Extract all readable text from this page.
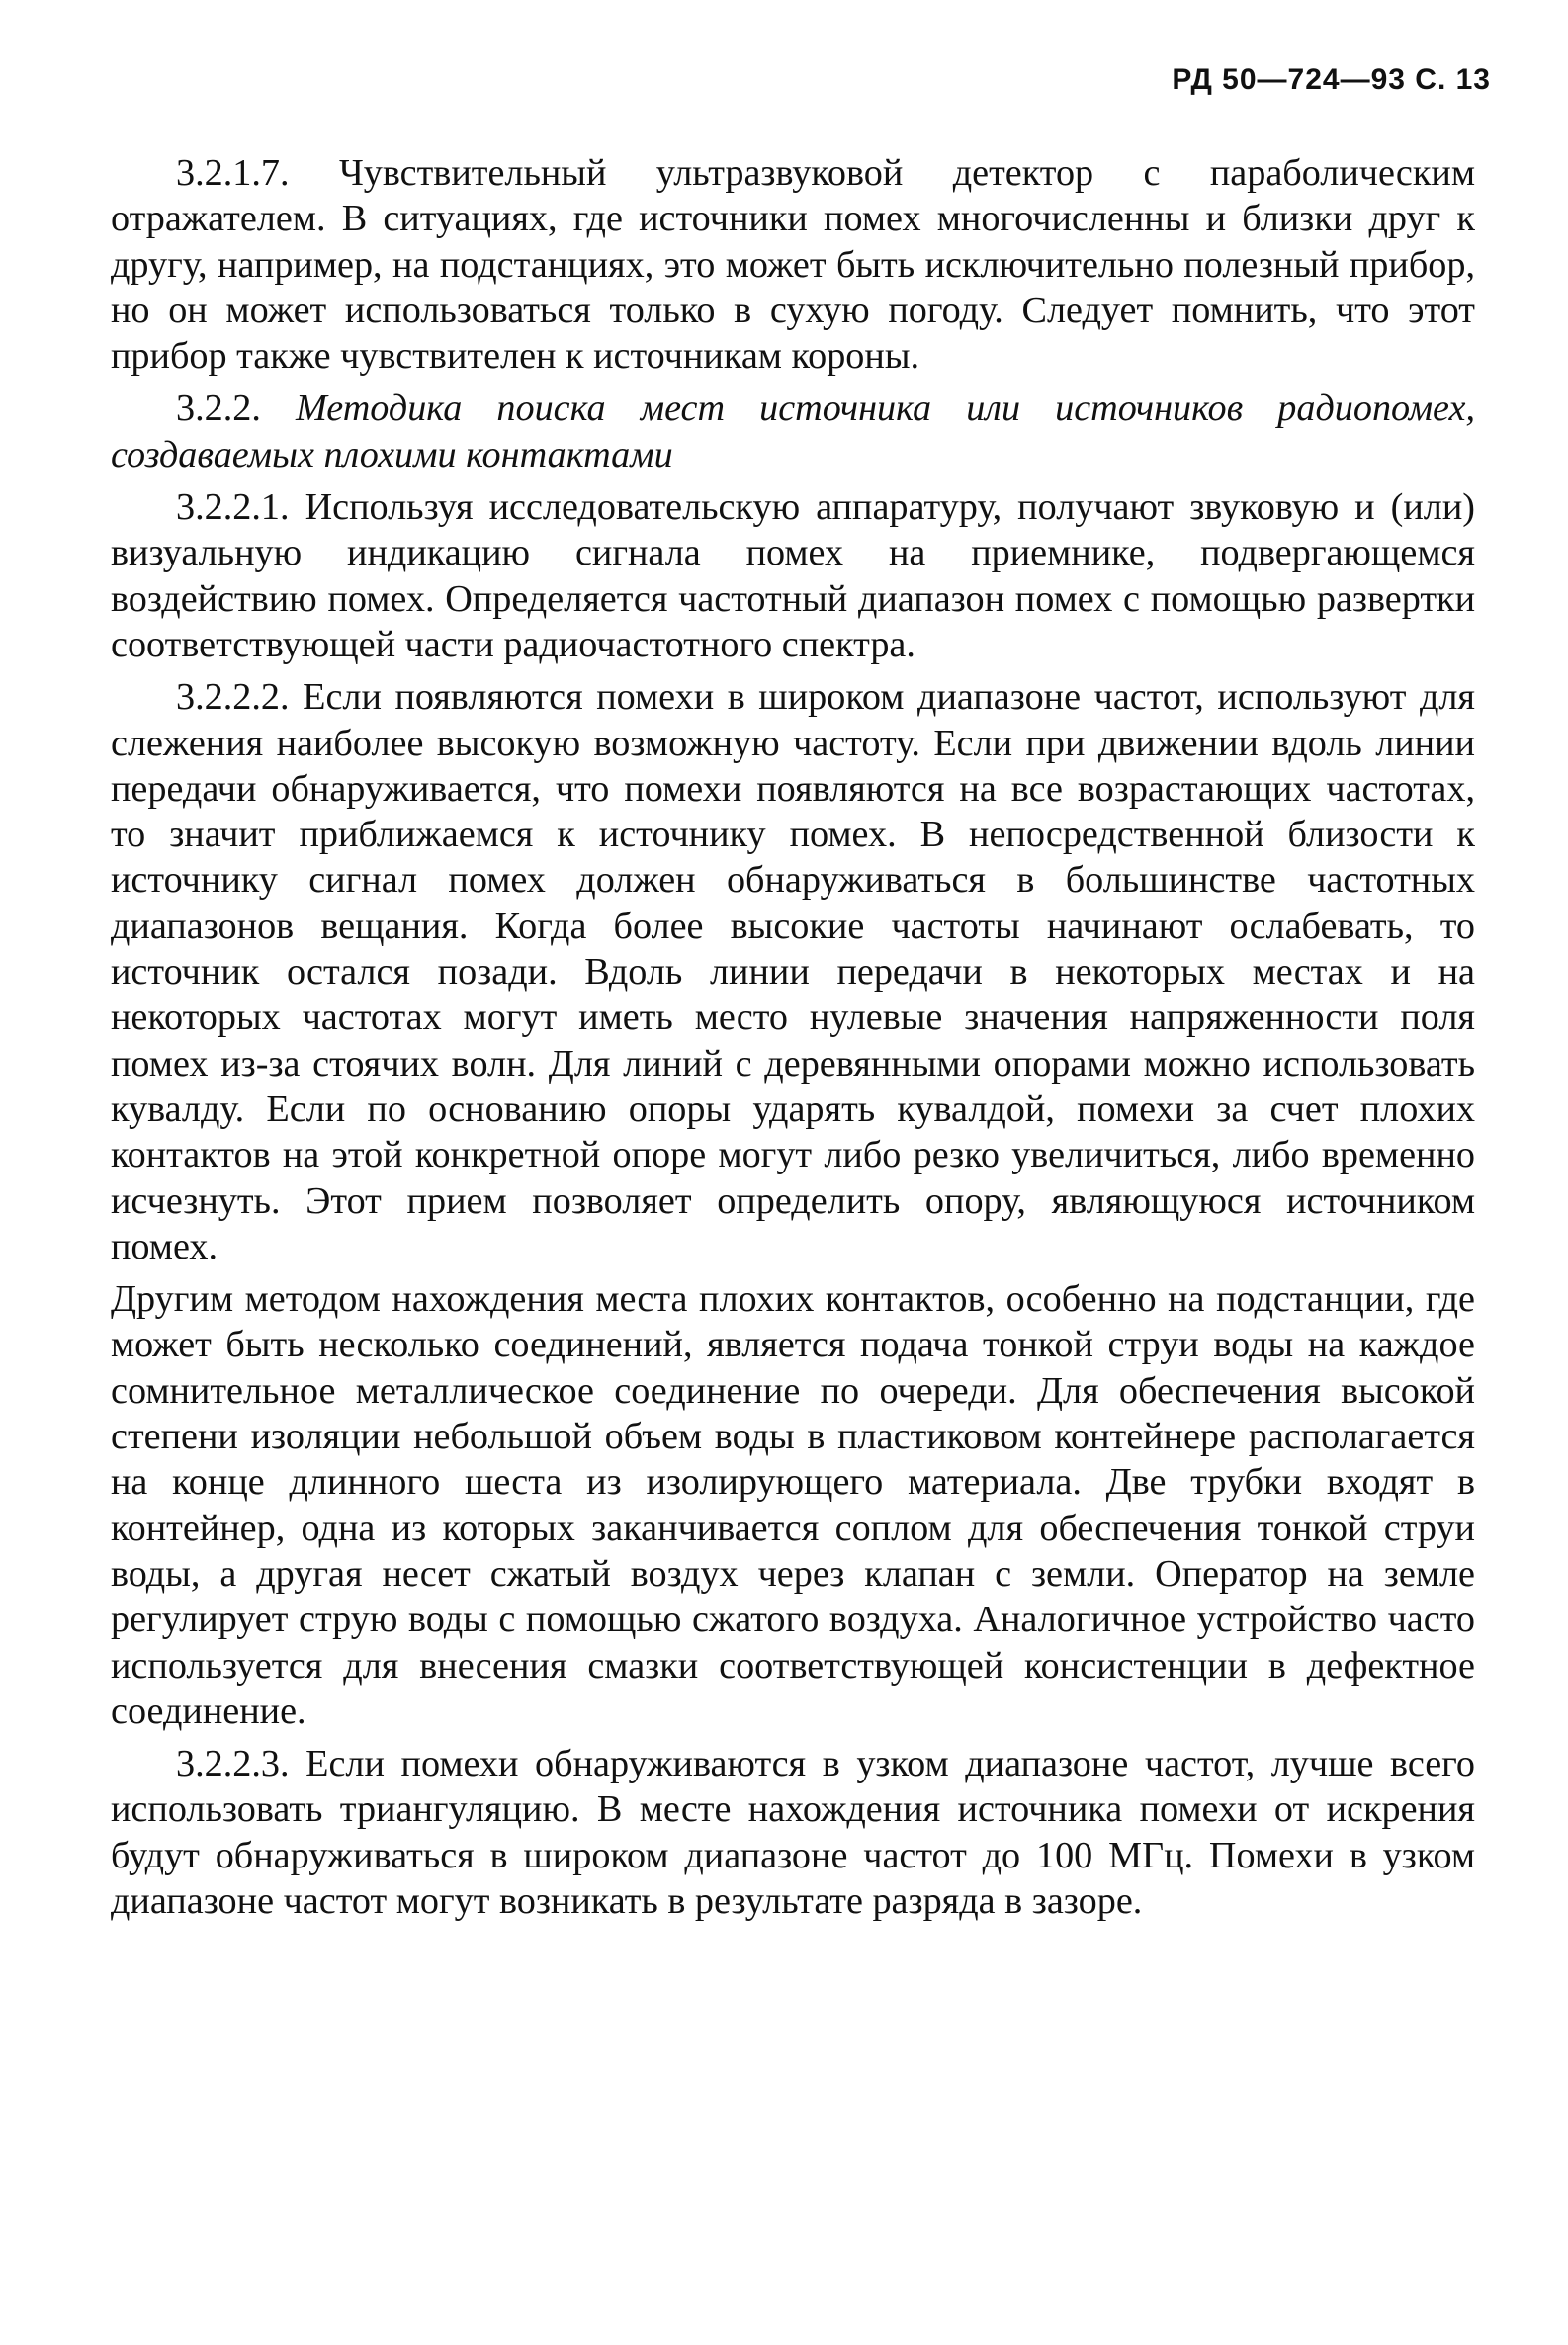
РД 50—724—93 С. 13

3.2.1.7. Чувствительный ультразвуковой детектор с параболическим отражателем. В ситуациях, где источники помех многочисленны и близки друг к другу, например, на подстанциях, это может быть исключительно полезный прибор, но он может использоваться только в сухую погоду. Следует помнить, что этот прибор также чувствителен к источникам короны.

3.2.2. Методика поиска мест источника или источников радиопомех, создаваемых плохими контактами

3.2.2.1. Используя исследовательскую аппаратуру, получают звуковую и (или) визуальную индикацию сигнала помех на приемнике, подвергающемся воздействию помех. Определяется частотный диапазон помех с помощью развертки соответствующей части радиочастотного спектра.

3.2.2.2. Если появляются помехи в широком диапазоне частот, используют для слежения наиболее высокую возможную частоту. Если при движении вдоль линии передачи обнаруживается, что помехи появляются на все возрастающих частотах, то значит приближаемся к источнику помех. В непосредственной близости к источнику сигнал помех должен обнаруживаться в большинстве частотных диапазонов вещания. Когда более высокие частоты начинают ослабевать, то источник остался позади. Вдоль линии передачи в некоторых местах и на некоторых частотах могут иметь место нулевые значения напряженности поля помех из-за стоячих волн. Для линий с деревянными опорами можно использовать кувалду. Если по основанию опоры ударять кувалдой, помехи за счет плохих контактов на этой конкретной опоре могут либо резко увеличиться, либо временно исчезнуть. Этот прием позволяет определить опору, являющуюся источником помех.

Другим методом нахождения места плохих контактов, особенно на подстанции, где может быть несколько соединений, является подача тонкой струи воды на каждое сомнительное металлическое соединение по очереди. Для обеспечения высокой степени изоляции небольшой объем воды в пластиковом контейнере располагается на конце длинного шеста из изолирующего материала. Две трубки входят в контейнер, одна из которых заканчивается соплом для обеспечения тонкой струи воды, а другая несет сжатый воздух через клапан с земли. Оператор на земле регулирует струю воды с помощью сжатого воздуха. Аналогичное устройство часто используется для внесения смазки соответствующей консистенции в дефектное соединение.

3.2.2.3. Если помехи обнаруживаются в узком диапазоне частот, лучше всего использовать триангуляцию. В месте нахождения источника помехи от искрения будут обнаруживаться в широком диапазоне частот до 100 МГц. Помехи в узком диапазоне частот могут возникать в результате разряда в зазоре.
